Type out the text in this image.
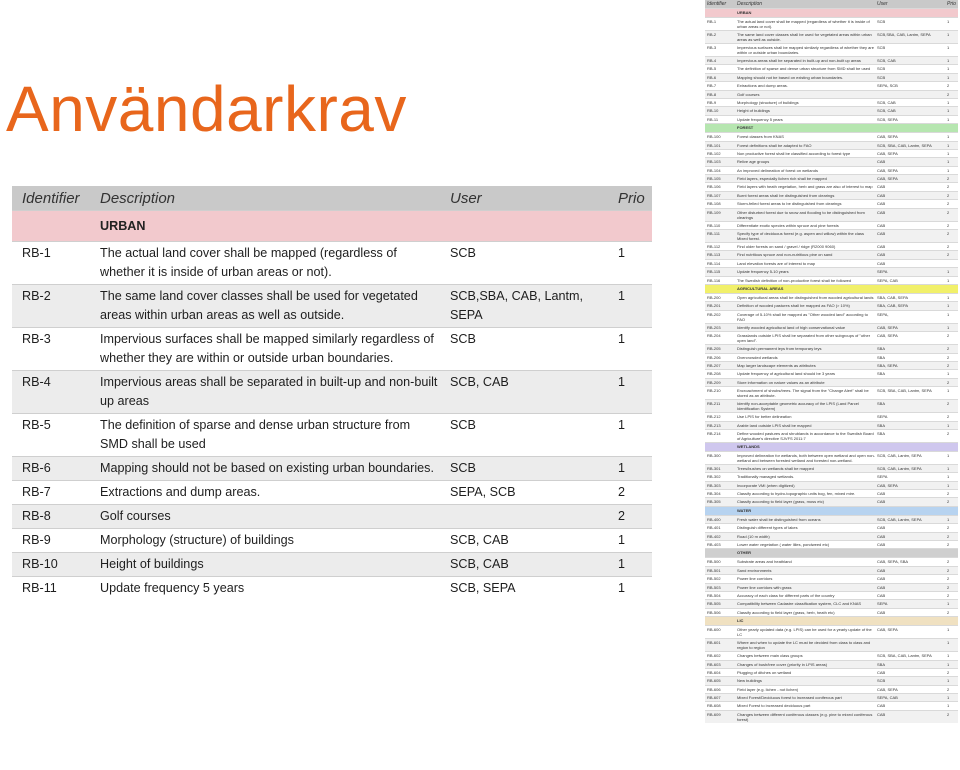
Användarkrav
Identifier	Description	User	Prio
	URBAN		
RB-1	The actual land cover shall be mapped (regardless of whether it is inside of urban areas or not).	SCB	1
RB-2	The same land cover classes shall be used for vegetated areas within urban areas as well as outside.	SCB,SBA, CAB, Lantm, SEPA	1
RB-3	Impervious surfaces shall be mapped similarly regardless of whether they are within or outside urban boundaries.	SCB	1
RB-4	Impervious areas shall be separated in built-up and non-built up areas	SCB, CAB	1
RB-5	The definition of sparse and dense urban structure from SMD shall be used	SCB	1
RB-6	Mapping should not be based on existing urban boundaries.	SCB	1
RB-7	Extractions and dump areas.	SEPA, SCB	2
RB-8	Golf courses		2
RB-9	Morphology (structure) of buildings	SCB, CAB	1
RB-10	Height of buildings	SCB, CAB	1
RB-11	Update frequency 5 years	SCB, SEPA	1
Identifier	Description	User	Prio
	URBAN		
RB-1	The actual land cover shall be mapped (regardless of whether it is inside of urban areas or not).	SCB	1
RB-2	The same land cover classes shall be used for vegetated areas within urban areas as well as outside.	SCB,SBA, CAB, Lantm, SEPA	1
RB-3	Impervious surfaces shall be mapped similarly regardless of whether they are within or outside urban boundaries.	SCB	1
RB-4	Impervious areas shall be separated in built-up and non-built up areas	SCB, CAB	1
RB-5	The definition of sparse and dense urban structure from SMD shall be used	SCB	1
RB-6	Mapping should not be based on existing urban boundaries.	SCB	1
RB-7	Extractions and dump areas.	SEPA, SCB	2
RB-8	Golf courses		2
RB-9	Morphology (structure) of buildings	SCB, CAB	1
RB-10	Height of buildings	SCB, CAB	1
RB-11	Update frequency 5 years	SCB, SEPA	1
	FOREST		
RB-100	Forest classes from KNAS	CAB, SEPA	1
RB-101	Forest definitions shall be adapted to FAO	SCB, SBA, CAB, Lantm, SEPA	1
RB-102	Non productive forest shall be classified according to forest type	CAB, SEPA	1
RB-103	Relive age groups	CAB	1
RB-104	An improved delineation of forest on wetlands	CAB, SEPA	1
RB-105	Field layers, especially lichen rich shall be mapped	CAB, SEPA	2
RB-106	Field layers with heath vegetation, herb and grass are also of interest to map	CAB	2
RB-107	Burnt forest areas shall be distinguished from clearings	CAB	2
RB-108	Storm-felled forest areas to be distinguished from clearings	CAB	2
RB-109	Other disturbed forest due to snow and flooding to be distinguished from clearings	CAB	2
RB-110	Differentiate exotic species within spruce and pine forests	CAB	2
RB-111	Specify type of deciduous forest (e.g. aspen and willow) within the class Mixed forest.	CAB	2
RB-112	Find older forests on sand / gravel / ridge (R2000 9060)	CAB	2
RB-113	Find nutritious spruce and non-nutritious pine on sand	CAB	2
RB-114	Land elevation forests are of interest to map	CAB	
RB-115	Update frequency 5-10 years	SEPA	1
RB-116	The Swedish definition of non-productive forest shall be followed	SEPA, CAB	1
	AGRICULTURAL AREAS		
RB-200	Open agricultural areas shall be distinguished from wooded agricultural lands	SBA, CAB, SEPA	1
RB-201	Definition of wooded pastures shall be mapped as FAO (> 10%)	SBA, CAB, SEPA	1
RB-202	Coverage of 5-10% shall be mapped as "Other wooded land" according to FAO	SEPA,	1
RB-203	Identify wooded agricultural land of high conservational value	CAB, SEPA	1
RB-204	Grasslands outside LPIS shall be separated from other subgroups of "other open land".	CAB, SEPA	2
RB-205	Distinguish permanent leys from temporary leys	SBA	2
RB-206	Overcrowded wetlands	SBA	2
RB-207	Map larger landscape elements as attributes	SBA, SEPA	2
RB-208	Update frequency of agricultural land should be 3 years	SBA	1
RB-209	Store information on nature values as an attribute		2
RB-210	Encroachment of shrubs/trees. The signal from the "Change Alert" shall be stored as an attribute.	SCB, SBA, CAB, Lantm, SEPA	1
RB-211	Identify non-acceptable geometric accuracy of the LPIS (Land Parcel Identification System)	SBA	2
RB-212	Use LPIS for better delineation	SEPA	2
RB-213	Arable land outside LPIS shall be mapped	SBA	1
RB-214	Define wooded pastures and shrublands in accordance to the Swedish Board of Agriculture's directive SJVFS 2011:7	SBA	2
	WETLANDS		
RB-300	Improved delineation for wetlands, both between open wetland and open non-wetland and between forested wetland and forested non-wetland.	SCB, CAB, Lantm, SEPA	1
RB-301	Trees/bushes on wetlands shall be mapped	SCB, CAB, Lantm, SEPA	1
RB-302	Traditionally managed wetlands.	SEPA	1
RB-303	Incorporate VMI (when digitized)	CAB, SEPA	1
RB-304	Classify according to hydro-topographic units bog, fen, mixed mire.	CAB	2
RB-305	Classify according to field layer (grass, moss etc)	CAB	2
	WATER		
RB-400	Fresh water shall be distinguished from oceans	SCB, CAB, Lantm, SEPA	1
RB-401	Distinguish different types of lakes	CAB	2
RB-402	Road (10 m width)	CAB	2
RB-403	Lower water vegetation ( water lilies, pondweed etc)	CAB	2
	OTHER		
RB-500	Substrate areas and heathland	CAB, SEPA, SBA	2
RB-501	Sand environments	CAB	2
RB-502	Power line corridors	CAB	2
RB-503	Power line corridors with grass	CAB	2
RB-504	Accuracy of each class for different parts of the country	CAB	2
RB-505	Compatibility between Cadastre classification system, CLC and KNAS	SEPA	1
RB-506	Classify according to field layer (grass, herb, heath etc)	CAB	2
	LIC		
RB-600	Other yearly updated data (e.g. LPIS) can be used for a yearly update of the LC	CAB, SEPA	1
RB-601	Where and when to update the LC must be decided from class to class and region to region		1
RB-602	Changes between main class groups	SCB, SBA, CAB, Lantm, SEPA	1
RB-603	Changes of bush/tree cover (priority in LPIS areas)	SBA	1
RB-604	Plugging of ditches on wetland	CAB	2
RB-605	New buildings	SCB	1
RB-606	Field layer (e.g. lichen - not lichen)	CAB, SEPA	2
RB-607	Mixed Forest/Deciduous forest to increased coniferous part	SEPA, CAB	1
RB-608	Mixed Forest to increased deciduous part	CAB	1
RB-609	Changes between different coniferous classes (e.g. pine to mixed coniferous forest)	CAB	2
